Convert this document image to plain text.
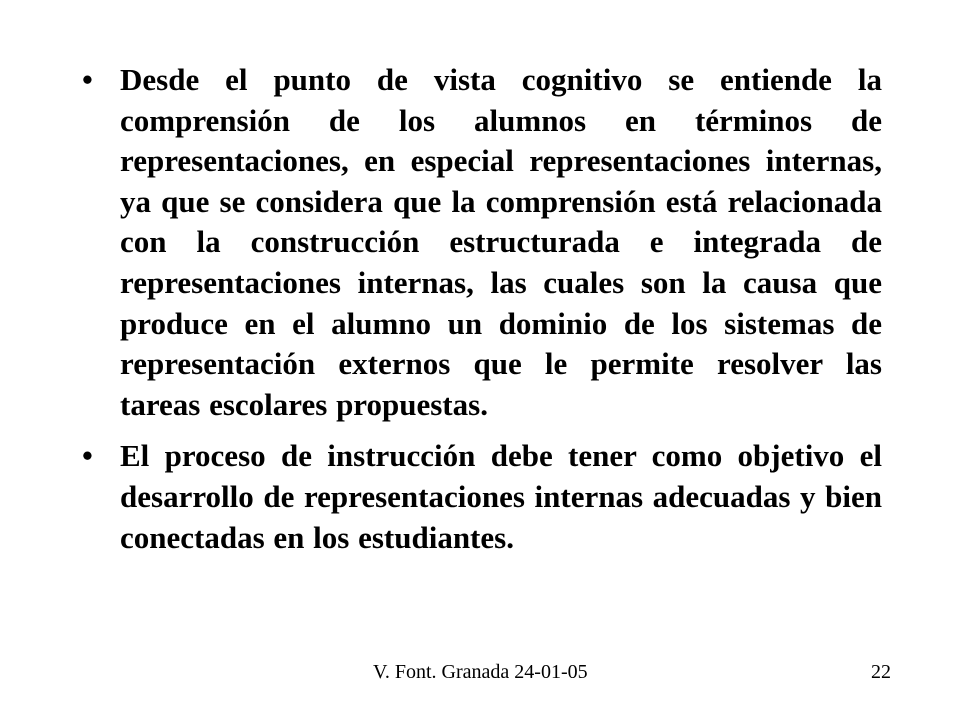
• Desde el punto de vista cognitivo se entiende la comprensión de los alumnos en términos de representaciones, en especial representaciones internas, ya que se considera que la comprensión está relacionada con la construcción estructurada e integrada de representaciones internas, las cuales son la causa que produce en el alumno un dominio de los sistemas de representación externos que le permite resolver las tareas escolares propuestas.
• El proceso de instrucción debe tener como objetivo el desarrollo de representaciones internas adecuadas y bien conectadas en los estudiantes.
V. Font. Granada 24-01-05	22
